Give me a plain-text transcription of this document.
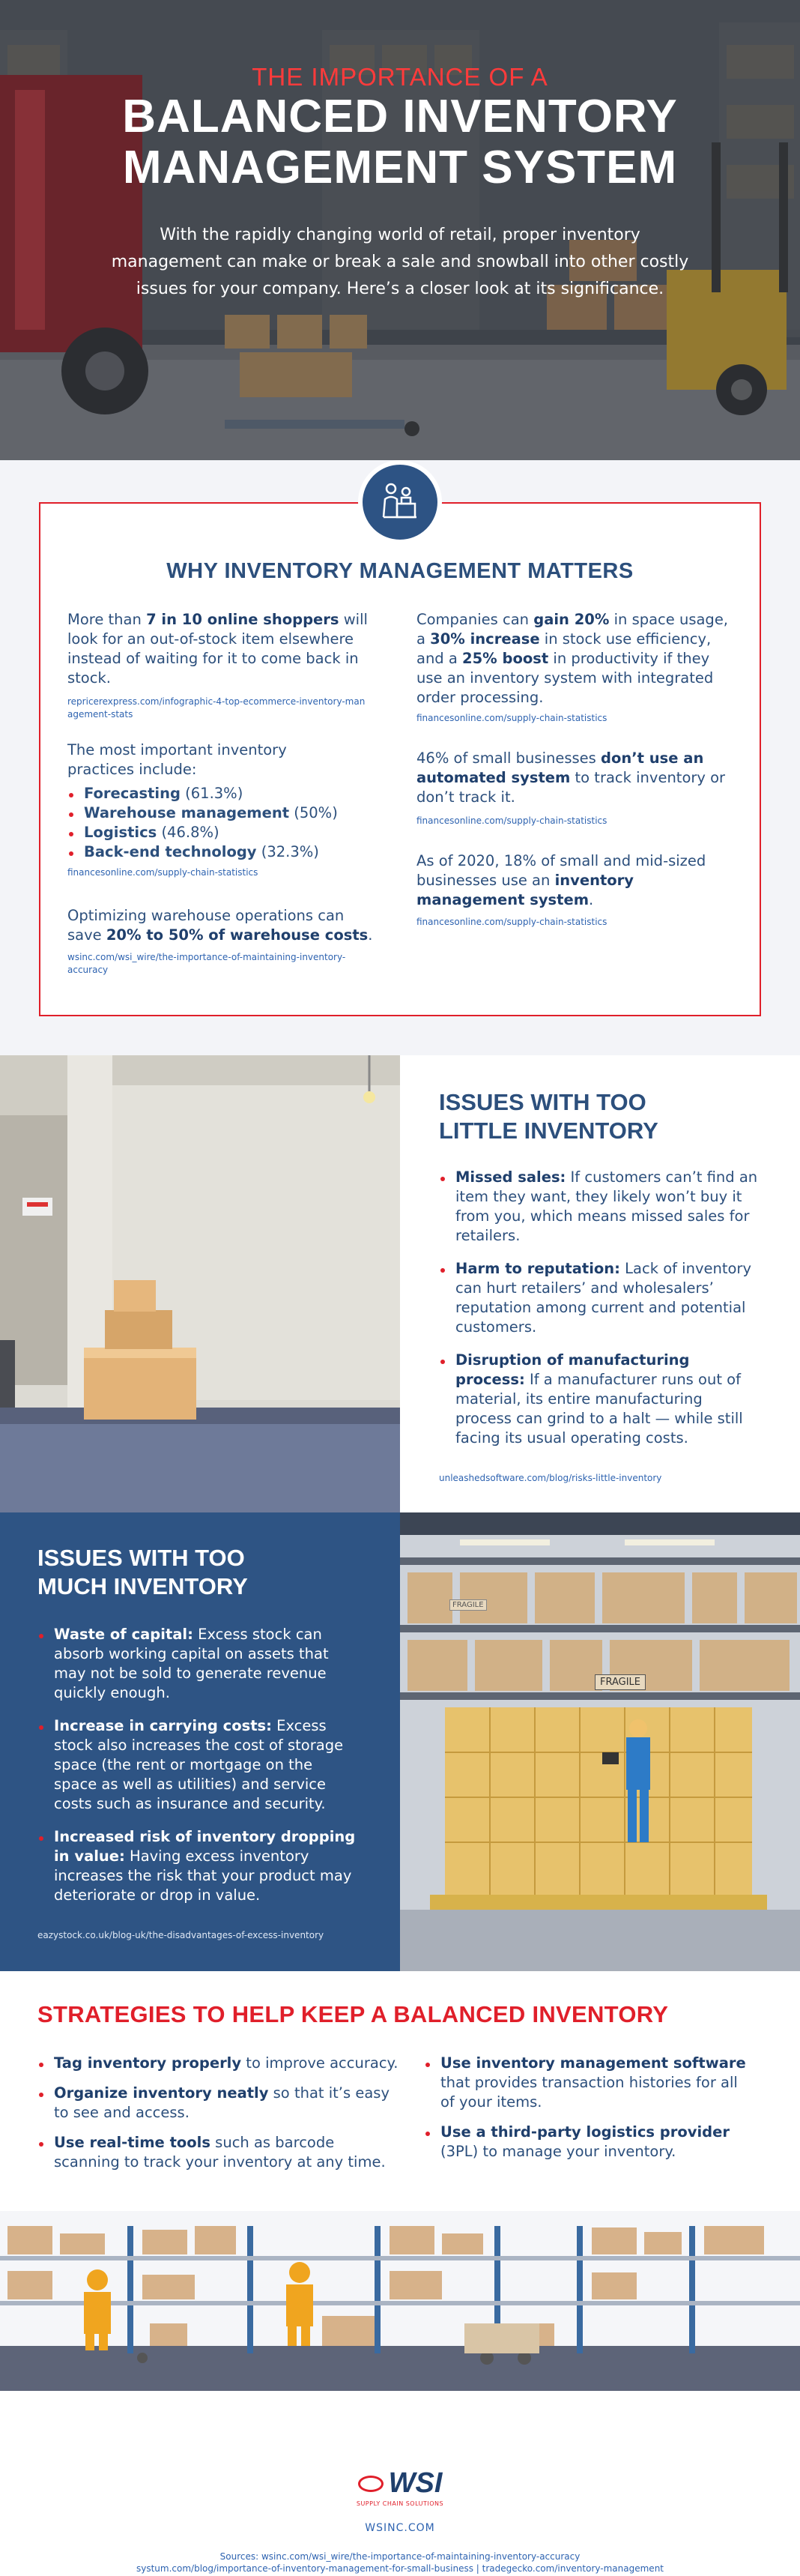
THE IMPORTANCE OF A
BALANCED INVENTORY
MANAGEMENT SYSTEM
With the rapidly changing world of retail, proper inventory management can make or break a sale and snowball into other costly issues for your company. Here’s a closer look at its significance.
WHY INVENTORY MANAGEMENT MATTERS

More than 7 in 10 online shoppers will look for an out-of-stock item elsewhere instead of waiting for it to come back in stock.

repricerexpress.com/infographic-4-top-ecommerce-inventory-management-stats

The most important inventory practices include:

Forecasting (61.3%)
Warehouse management (50%)
Logistics (46.8%)
Back-end technology (32.3%)

financesonline.com/supply-chain-statistics

Optimizing warehouse operations can save 20% to 50% of warehouse costs.

wsinc.com/wsi_wire/the-importance-of-maintaining-inventory-accuracy

Companies can gain 20% in space usage, a 30% increase in stock use efficiency, and a 25% boost in productivity if they use an inventory system with integrated order processing.

financesonline.com/supply-chain-statistics

46% of small businesses don’t use an automated system to track inventory or don’t track it.

financesonline.com/supply-chain-statistics

As of 2020, 18% of small and mid-sized businesses use an inventory management system.

financesonline.com/supply-chain-statistics

ISSUES WITH TOO
LITTLE INVENTORY
Missed sales: If customers can’t find an item they want, they likely won’t buy it from you, which means missed sales for retailers.
Harm to reputation: Lack of inventory can hurt retailers’ and wholesalers’ reputation among current and potential customers.
Disruption of manufacturing process: If a manufacturer runs out of material, its entire manufacturing process can grind to a halt — while still facing its usual operating costs.

unleashedsoftware.com/blog/risks-little-inventory

ISSUES WITH TOO
MUCH INVENTORY
Waste of capital: Excess stock can absorb working capital on assets that may not be sold to generate revenue quickly enough.
Increase in carrying costs: Excess stock also increases the cost of storage space (the rent or mortgage on the space as well as utilities) and service costs such as insurance and security.
Increased risk of inventory dropping in value: Having excess inventory increases the risk that your product may deteriorate or drop in value.

eazystock.co.uk/blog-uk/the-disadvantages-of-excess-inventory

FRAGILE
FRAGILE
STRATEGIES TO HELP KEEP A BALANCED INVENTORY
Tag inventory properly to improve accuracy.
Organize inventory neatly so that it’s easy to see and access.
Use real-time tools such as barcode scanning to track your inventory at any time.
Use inventory management software that provides transaction histories for all of your items.
Use a third-party logistics provider (3PL) to manage your inventory.
WSI
SUPPLY CHAIN SOLUTIONS
WSINC.COM
Sources: wsinc.com/wsi_wire/the-importance-of-maintaining-inventory-accuracy
systum.com/blog/importance-of-inventory-management-for-small-business | tradegecko.com/inventory-management
